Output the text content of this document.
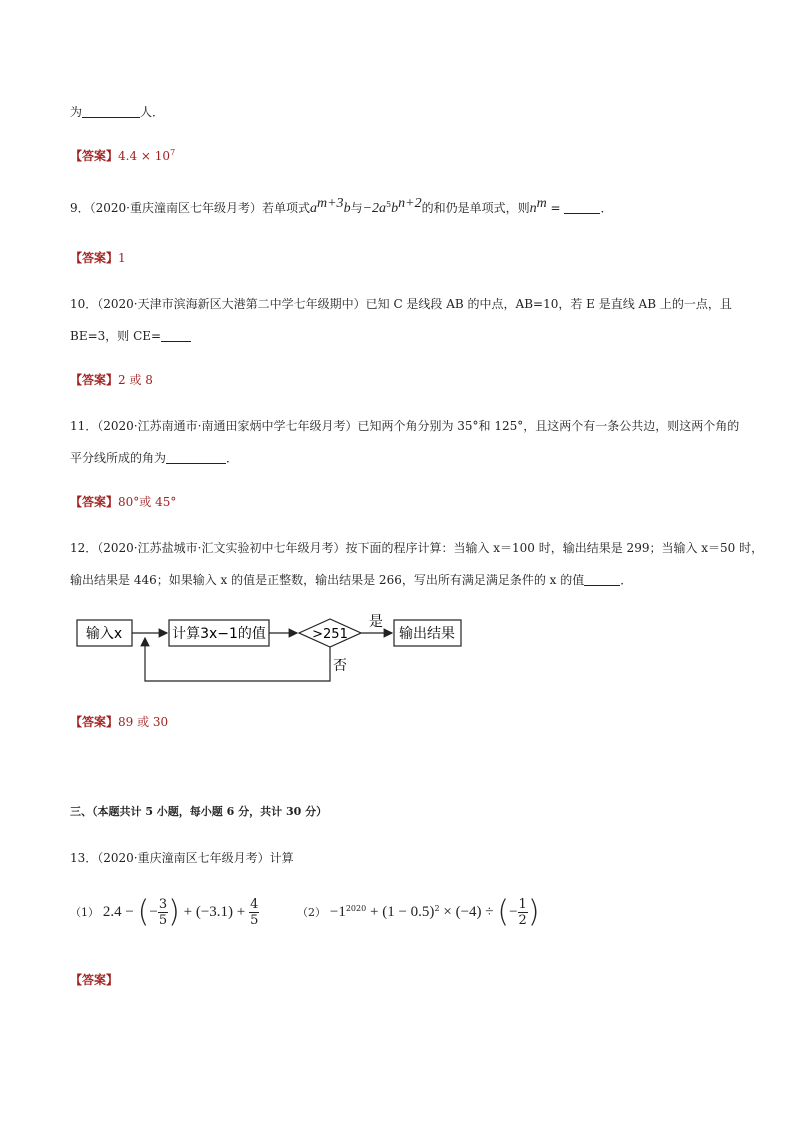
为	人．
【答案】$4.4 \times 10^7$
9．（2020·重庆潼南区七年级月考）若单项式$a^{m+3}b$与$-2a^5b^{n+2}$的和仍是单项式，则$n^m$ =	．
【答案】1
10．（2020·天津市滨海新区大港第二中学七年级期中）已知 C 是线段 AB 的中点，AB=10，若 E 是直线 AB 上的一点，且
BE=3，则 CE=
【答案】2 或 8
11．（2020·江苏南通市·南通田家炳中学七年级月考）已知两个角分别为 35°和 125°，且这两个有一条公共边，则这两个角的
平分线所成的角为	．
【答案】80°或 45°
12．（2020·江苏盐城市·汇文实验初中七年级月考）按下面的程序计算：当输入 x＝100 时，输出结果是 299；当输入 x＝50 时，
输出结果是 446；如果输入 x 的值是正整数，输出结果是 266，写出所有满足满足条件的 x 的值	．
输入x	计算3x−1的值	>251
是
输出结果
否
【答案】89 或 30
三、（本题共计 5 小题，每小题 6 分，共计 30 分）
13．（2020·重庆潼南区七年级月考）计算
（1） 2.4 − (− $\frac{3}{5}$ ) + $(-3.1) + \frac{4}{5}$	$(2) -1^{2020} + (1 - 0.5)^2 \times (-4)$ ÷ (− $\frac{1}{2}$ )
【答案】
